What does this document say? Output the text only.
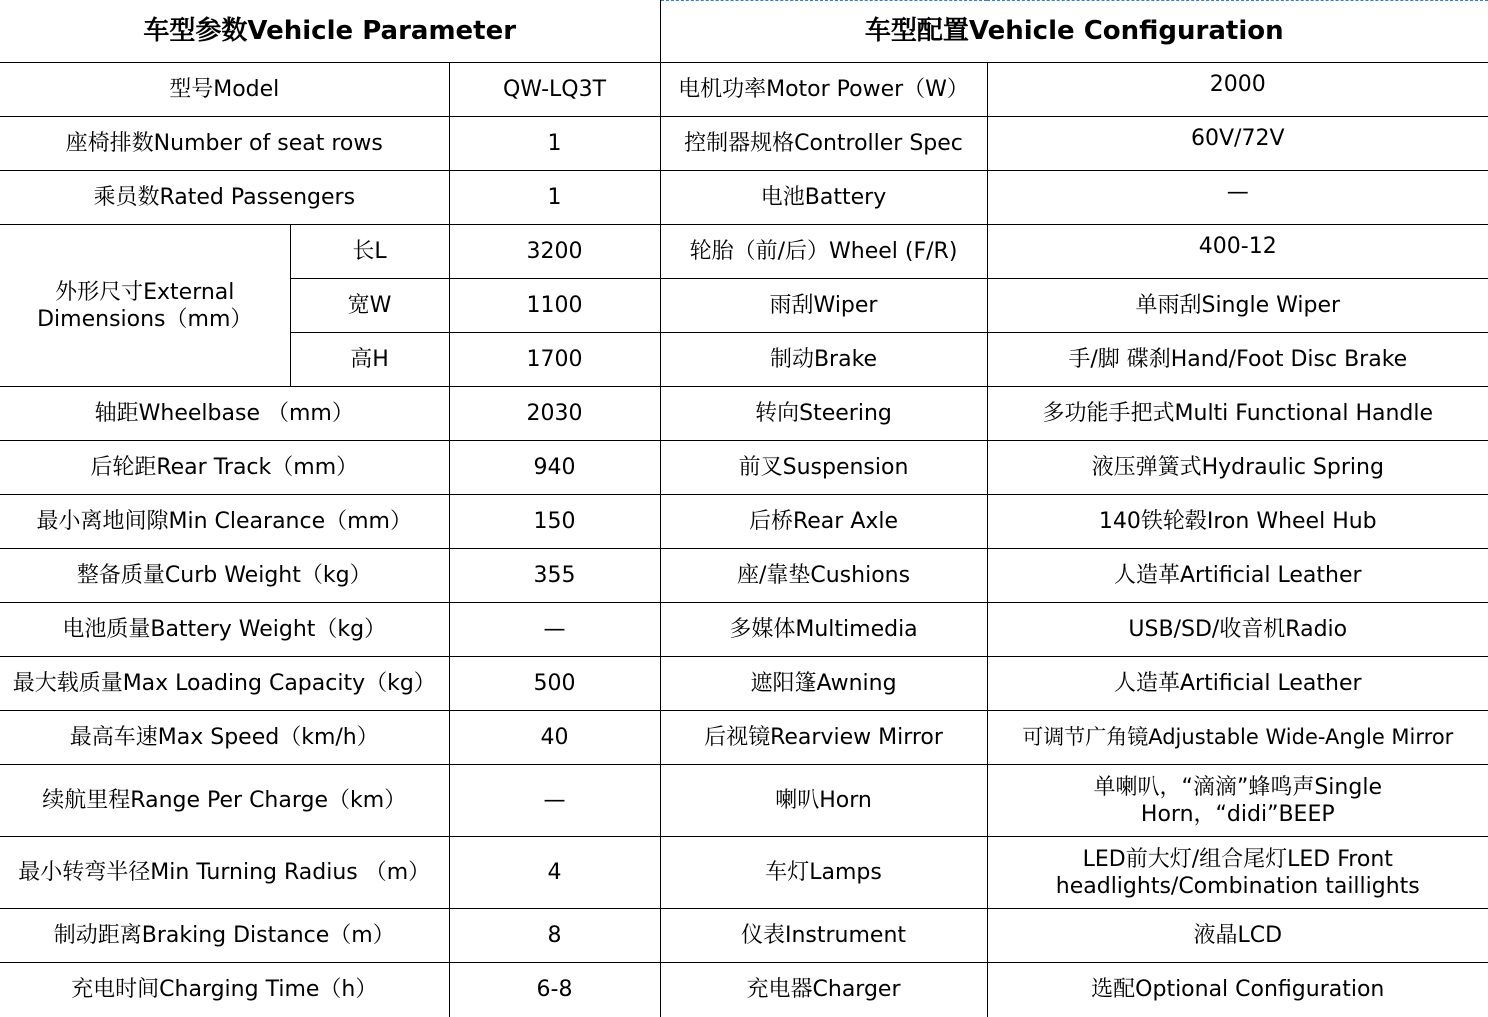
车型参数Vehicle Parameter			车型配置Vehicle Configuration	
型号Model		QW-LQ3T	电机功率Motor Power（W）	2000
座椅排数Number of seat rows		1	控制器规格Controller Spec	60V/72V
乘员数Rated Passengers		1	电池Battery	—
外形尺寸External Dimensions（mm）	长L	3200	轮胎（前/后）Wheel (F/R)	400-12
	宽W	1100	雨刮Wiper	单雨刮Single Wiper
	高H	1700	制动Brake	手/脚 碟刹Hand/Foot Disc Brake
轴距Wheelbase （mm）		2030	转向Steering	多功能手把式Multi Functional Handle
后轮距Rear Track（mm）		940	前叉Suspension	液压弹簧式Hydraulic Spring
最小离地间隙Min Clearance（mm）		150	后桥Rear Axle	140铁轮毂Iron Wheel Hub
整备质量Curb Weight（kg）		355	座/靠垫Cushions	人造革Artificial Leather
电池质量Battery Weight（kg）		—	多媒体Multimedia	USB/SD/收音机Radio
最大载质量Max Loading Capacity（kg）		500	遮阳篷Awning	人造革Artificial Leather
最高车速Max Speed（km/h）		40	后视镜Rearview Mirror	可调节广角镜Adjustable Wide-Angle Mirror
续航里程Range Per Charge（km）		—	喇叭Horn	单喇叭，“滴滴”蜂鸣声Single Horn，“didi”BEEP
最小转弯半径Min Turning Radius （m）		4	车灯Lamps	LED前大灯/组合尾灯LED Front headlights/Combination taillights
制动距离Braking Distance（m）		8	仪表Instrument	液晶LCD
充电时间Charging Time（h）		6-8	充电器Charger	选配Optional Configuration
